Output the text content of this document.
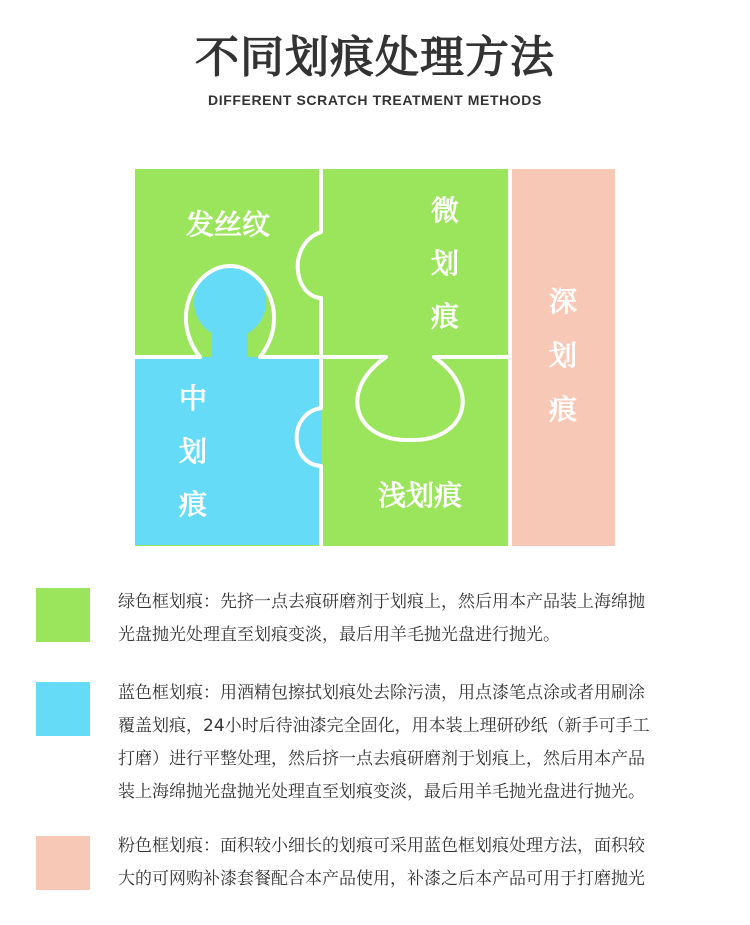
不同划痕处理方法
DIFFERENT SCRATCH TREATMENT METHODS
发丝纹	微
划
痕
中
划
痕	浅划痕
深
划
痕
绿色框划痕：先挤一点去痕研磨剂于划痕上，然后用本产品装上海绵抛
光盘抛光处理直至划痕变淡，最后用羊毛抛光盘进行抛光。
蓝色框划痕：用酒精包擦拭划痕处去除污渍，用点漆笔点涂或者用刷涂
覆盖划痕，24小时后待油漆完全固化，用本装上理研砂纸（新手可手工
打磨）进行平整处理，然后挤一点去痕研磨剂于划痕上，然后用本产品
装上海绵抛光盘抛光处理直至划痕变淡，最后用羊毛抛光盘进行抛光。
粉色框划痕：面积较小细长的划痕可采用蓝色框划痕处理方法，面积较
大的可网购补漆套餐配合本产品使用，补漆之后本产品可用于打磨抛光
